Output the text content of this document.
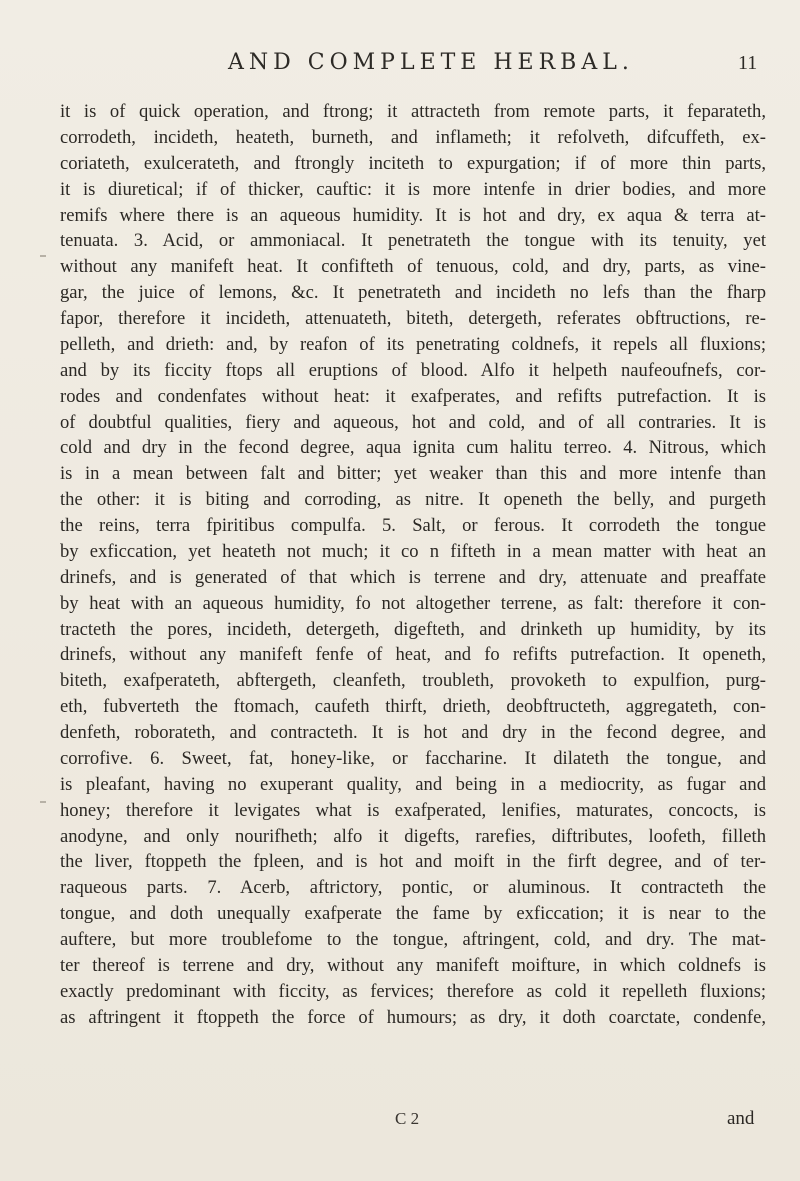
AND COMPLETE HERBAL.	11
it is of quick operation, and ftrong; it attracteth from remote parts, it feparateth,
corrodeth, incideth, heateth, burneth, and inflameth; it refolveth, difcuffeth, ex-
coriateth, exulcerateth, and ftrongly inciteth to expurgation; if of more thin parts,
it is diuretical; if of thicker, cauftic: it is more intenfe in drier bodies, and more
remifs where there is an aqueous humidity. It is hot and dry, ex aqua & terra at-
tenuata. 3. Acid, or ammoniacal. It penetrateth the tongue with its tenuity, yet
without any manifeft heat. It confifteth of tenuous, cold, and dry, parts, as vine-
gar, the juice of lemons, &c. It penetrateth and incideth no lefs than the fharp
fapor, therefore it incideth, attenuateth, biteth, detergeth, referates obftructions, re-
pelleth, and drieth: and, by reafon of its penetrating coldnefs, it repels all fluxions;
and by its ficcity ftops all eruptions of blood. Alfo it helpeth naufeoufnefs, cor-
rodes and condenfates without heat: it exafperates, and refifts putrefaction. It is
of doubtful qualities, fiery and aqueous, hot and cold, and of all contraries. It is
cold and dry in the fecond degree, aqua ignita cum halitu terreo. 4. Nitrous, which
is in a mean between falt and bitter; yet weaker than this and more intenfe than
the other: it is biting and corroding, as nitre. It openeth the belly, and purgeth
the reins, terra fpiritibus compulfa. 5. Salt, or ferous. It corrodeth the tongue
by exficcation, yet heateth not much; it co n fifteth in a mean matter with heat an
drinefs, and is generated of that which is terrene and dry, attenuate and preaffate
by heat with an aqueous humidity, fo not altogether terrene, as falt: therefore it con-
tracteth the pores, incideth, detergeth, digefteth, and drinketh up humidity, by its
drinefs, without any manifeft fenfe of heat, and fo refifts putrefaction. It openeth,
biteth, exafperateth, abftergeth, cleanfeth, troubleth, provoketh to expulfion, purg-
eth, fubverteth the ftomach, caufeth thirft, drieth, deobftructeth, aggregateth, con-
denfeth, roborateth, and contracteth. It is hot and dry in the fecond degree, and
corrofive. 6. Sweet, fat, honey-like, or faccharine. It dilateth the tongue, and
is pleafant, having no exuperant quality, and being in a mediocrity, as fugar and
honey; therefore it levigates what is exafperated, lenifies, maturates, concocts, is
anodyne, and only nourifheth; alfo it digefts, rarefies, diftributes, loofeth, filleth
the liver, ftoppeth the fpleen, and is hot and moift in the firft degree, and of ter-
raqueous parts. 7. Acerb, aftrictory, pontic, or aluminous. It contracteth the
tongue, and doth unequally exafperate the fame by exficcation; it is near to the
auftere, but more troublefome to the tongue, aftringent, cold, and dry. The mat-
ter thereof is terrene and dry, without any manifeft moifture, in which coldnefs is
exactly predominant with ficcity, as fervices; therefore as cold it repelleth fluxions;
as aftringent it ftoppeth the force of humours; as dry, it doth coarctate, condenfe,
C 2	and
